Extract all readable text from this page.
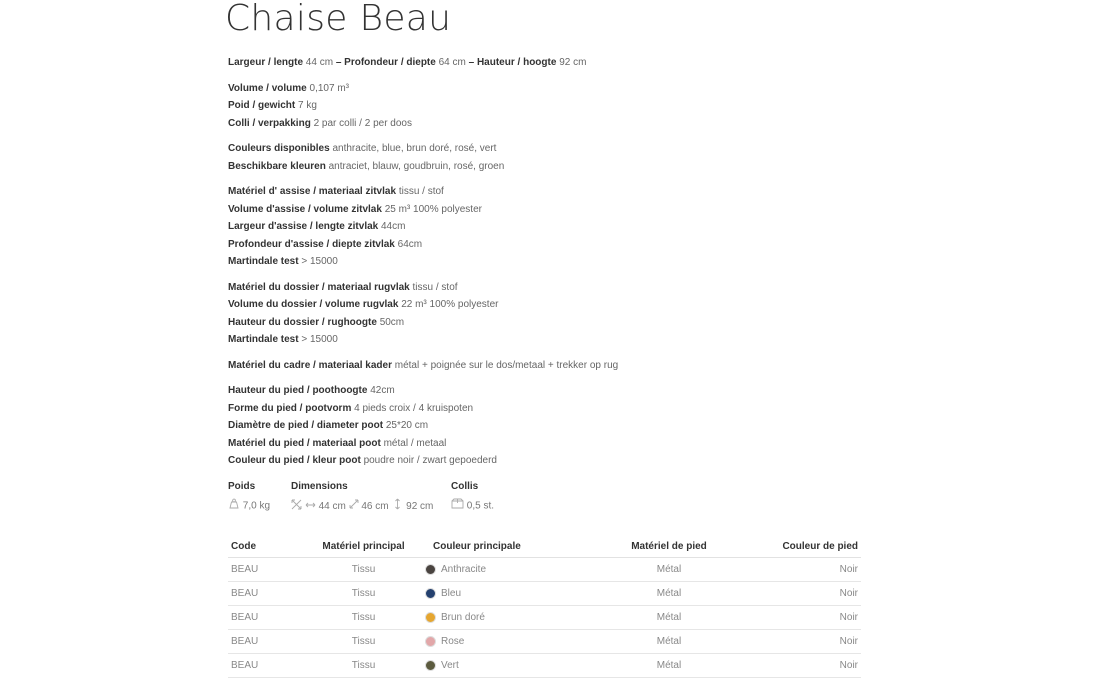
Chaise Beau
Largeur / lengte 44 cm – Profondeur / diepte 64 cm – Hauteur / hoogte 92 cm
Volume / volume 0,107 m³
Poid / gewicht 7 kg
Colli / verpakking 2 par colli / 2 per doos
Couleurs disponibles anthracite, blue, brun doré, rosé, vert
Beschikbare kleuren antraciet, blauw, goudbruin, rosé, groen
Matériel d' assise / materiaal zitvlak tissu / stof
Volume d'assise / volume zitvlak 25 m³ 100% polyester
Largeur d'assise / lengte zitvlak 44cm
Profondeur d'assise / diepte zitvlak 64cm
Martindale test > 15000
Matériel du dossier / materiaal rugvlak tissu / stof
Volume du dossier / volume rugvlak 22 m³ 100% polyester
Hauteur du dossier / rughoogte 50cm
Martindale test > 15000
Matériel du cadre / materiaal kader métal + poignée sur le dos/metaal + trekker op rug
Hauteur du pied / poothoogte 42cm
Forme du pied / pootvorm 4 pieds croix / 4 kruispoten
Diamètre de pied / diameter poot 25*20 cm
Matériel du pied / materiaal poot métal / metaal
Couleur du pied / kleur poot poudre noir / zwart gepoederd
Poids
7,0 kg
Dimensions
44 cm 46 cm 92 cm
Collis
0,5 st.
Code	Matériel principal	Couleur principale	Matériel de pied	Couleur de pied
BEAU	Tissu	Anthracite	Métal	Noir
BEAU	Tissu	Bleu	Métal	Noir
BEAU	Tissu	Brun doré	Métal	Noir
BEAU	Tissu	Rose	Métal	Noir
BEAU	Tissu	Vert	Métal	Noir
